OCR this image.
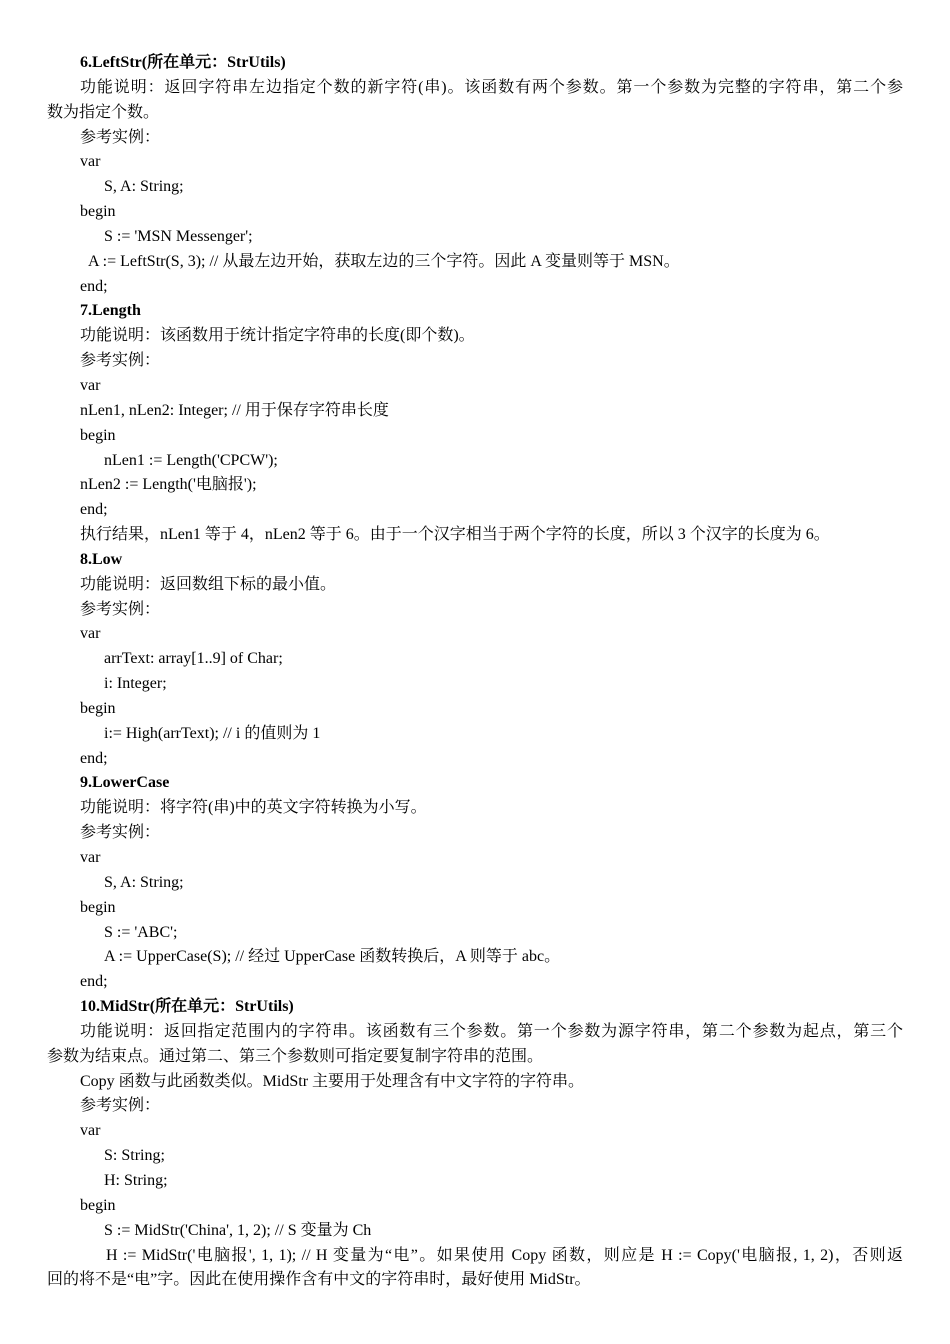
6.LeftStr(所在单元：StrUtils)
功能说明：返回字符串左边指定个数的新字符(串)。该函数有两个参数。第一个参数为完整的字符串，第二个参
数为指定个数。
参考实例：
var
S, A: String;
begin
S := 'MSN Messenger';
A := LeftStr(S, 3); // 从最左边开始，获取左边的三个字符。因此 A 变量则等于 MSN。
end;
7.Length
功能说明：该函数用于统计指定字符串的长度(即个数)。
参考实例：
var
nLen1, nLen2: Integer; // 用于保存字符串长度
begin
nLen1 := Length('CPCW');
nLen2 := Length('电脑报');
end;
执行结果，nLen1 等于 4，nLen2 等于 6。由于一个汉字相当于两个字符的长度，所以 3 个汉字的长度为 6。
8.Low
功能说明：返回数组下标的最小值。
参考实例：
var
arrText: array[1..9] of Char;
i: Integer;
begin
i:= High(arrText); // i 的值则为 1
end;
9.LowerCase
功能说明：将字符(串)中的英文字符转换为小写。
参考实例：
var
S, A: String;
begin
S := 'ABC';
A := UpperCase(S); // 经过 UpperCase 函数转换后，A 则等于 abc。
end;
10.MidStr(所在单元：StrUtils)
功能说明：返回指定范围内的字符串。该函数有三个参数。第一个参数为源字符串，第二个参数为起点，第三个
参数为结束点。通过第二、第三个参数则可指定要复制字符串的范围。
Copy 函数与此函数类似。MidStr 主要用于处理含有中文字符的字符串。
参考实例：
var
S: String;
H: String;
begin
S := MidStr('China', 1, 2); // S 变量为 Ch
H := MidStr('电脑报', 1, 1); // H 变量为“电”。如果使用 Copy 函数，则应是 H := Copy('电脑报, 1, 2)，否则返
回的将不是“电”字。因此在使用操作含有中文的字符串时，最好使用 MidStr。
